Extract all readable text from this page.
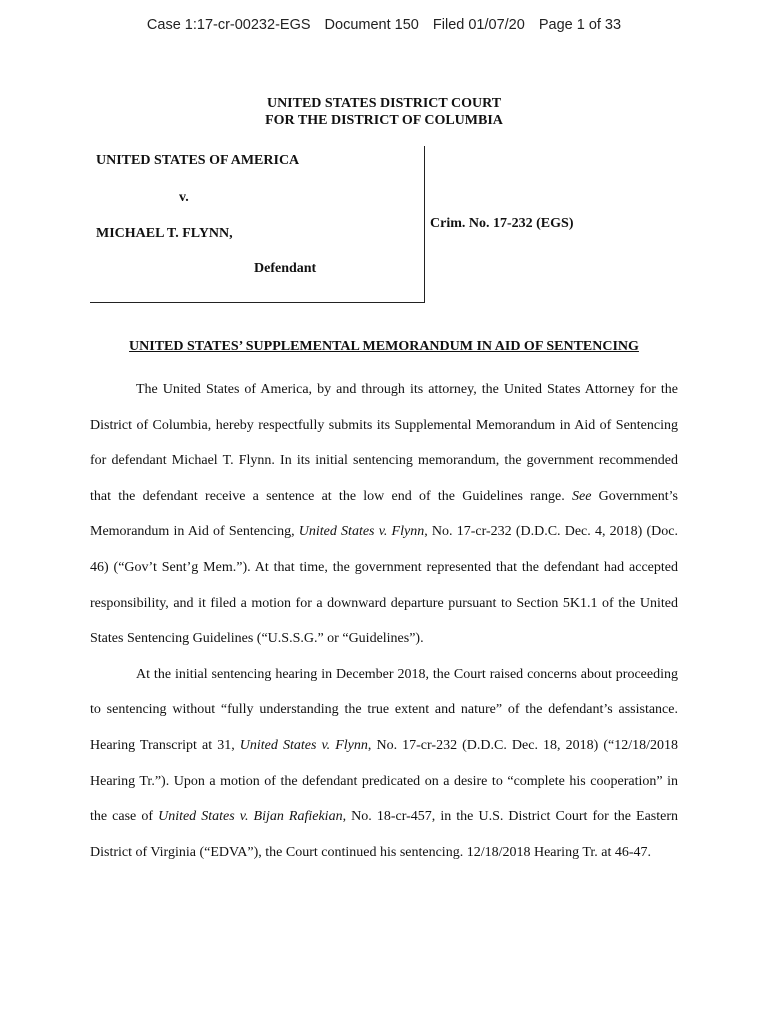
Case 1:17-cr-00232-EGS Document 150 Filed 01/07/20 Page 1 of 33
UNITED STATES DISTRICT COURT
FOR THE DISTRICT OF COLUMBIA
UNITED STATES OF AMERICA
v.
MICHAEL T. FLYNN,
Defendant
Crim. No. 17-232 (EGS)
UNITED STATES’ SUPPLEMENTAL MEMORANDUM IN AID OF SENTENCING

The United States of America, by and through its attorney, the United States Attorney for the District of Columbia, hereby respectfully submits its Supplemental Memorandum in Aid of Sentencing for defendant Michael T. Flynn. In its initial sentencing memorandum, the government recommended that the defendant receive a sentence at the low end of the Guidelines range. See Government’s Memorandum in Aid of Sentencing, United States v. Flynn, No. 17-cr-232 (D.D.C. Dec. 4, 2018) (Doc. 46) (“Gov’t Sent’g Mem.”). At that time, the government represented that the defendant had accepted responsibility, and it filed a motion for a downward departure pursuant to Section 5K1.1 of the United States Sentencing Guidelines (“U.S.S.G.” or “Guidelines”).

At the initial sentencing hearing in December 2018, the Court raised concerns about proceeding to sentencing without “fully understanding the true extent and nature” of the defendant’s assistance. Hearing Transcript at 31, United States v. Flynn, No. 17-cr-232 (D.D.C. Dec. 18, 2018) (“12/18/2018 Hearing Tr.”). Upon a motion of the defendant predicated on a desire to “complete his cooperation” in the case of United States v. Bijan Rafiekian, No. 18-cr-457, in the U.S. District Court for the Eastern District of Virginia (“EDVA”), the Court continued his sentencing. 12/18/2018 Hearing Tr. at 46-47.
